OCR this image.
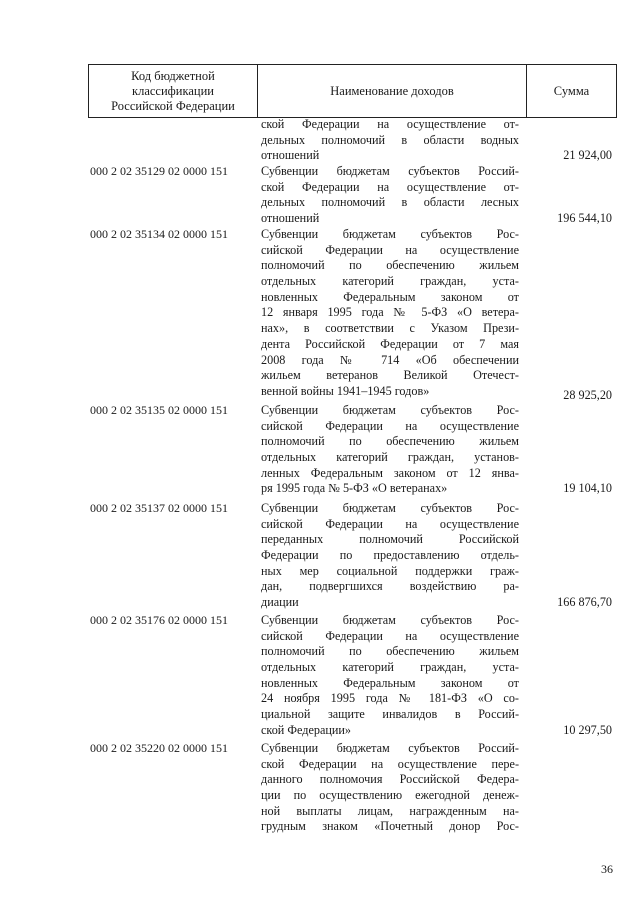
Код бюджетной
классификации
Российской Федерации
Наименование доходов	Сумма
ской Федерации на осуществление от-
дельных полномочий в области водных
отношений	21 924,00
000 2 02 35129 02 0000 151	Субвенции бюджетам субъектов Россий-
ской Федерации на осуществление от-
дельных полномочий в области лесных
отношений	196 544,10
000 2 02 35134 02 0000 151	Субвенции бюджетам субъектов Рос-
сийской Федерации на осуществление
полномочий по обеспечению жильем
отдельных категорий граждан, уста-
новленных Федеральным законом от
12 января 1995 года № 5-ФЗ «О ветера-
нах», в соответствии с Указом Прези-
дента Российской Федерации от 7 мая
2008 года № 714 «Об обеспечении
жильем ветеранов Великой Отечест-
венной войны 1941–1945 годов»	28 925,20
000 2 02 35135 02 0000 151	Субвенции бюджетам субъектов Рос-
сийской Федерации на осуществление
полномочий по обеспечению жильем
отдельных категорий граждан, установ-
ленных Федеральным законом от 12 янва-
ря 1995 года № 5-ФЗ «О ветеранах»	19 104,10
000 2 02 35137 02 0000 151	Субвенции бюджетам субъектов Рос-
сийской Федерации на осуществление
переданных полномочий Российской
Федерации по предоставлению отдель-
ных мер социальной поддержки граж-
дан, подвергшихся воздействию ра-
диации	166 876,70
000 2 02 35176 02 0000 151	Субвенции бюджетам субъектов Рос-
сийской Федерации на осуществление
полномочий по обеспечению жильем
отдельных категорий граждан, уста-
новленных Федеральным законом от
24 ноября 1995 года № 181-ФЗ «О со-
циальной защите инвалидов в Россий-
ской Федерации»	10 297,50
000 2 02 35220 02 0000 151	Субвенции бюджетам субъектов Россий-
ской Федерации на осуществление пере-
данного полномочия Российской Федера-
ции по осуществлению ежегодной денеж-
ной выплаты лицам, награжденным на-
грудным знаком «Почетный донор Рос-
36
